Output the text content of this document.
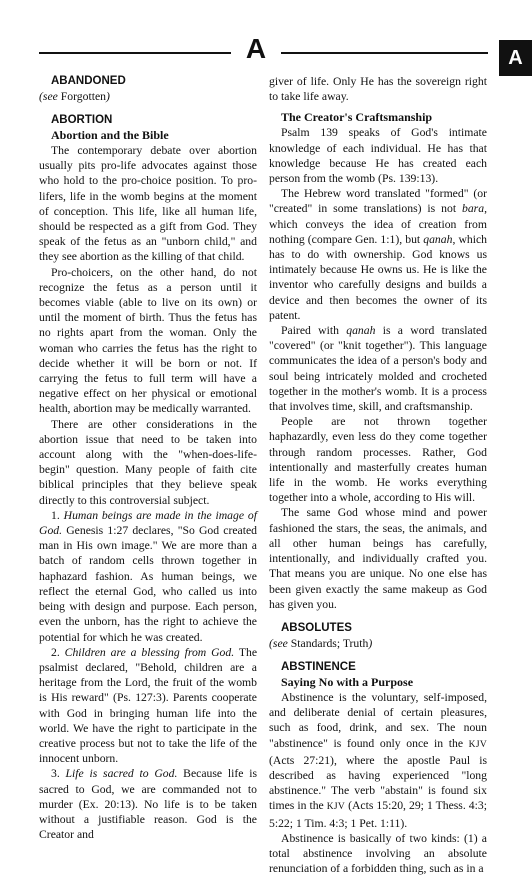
A	A

ABANDONED

(see Forgotten)

ABORTION

Abortion and the Bible

The contemporary debate over abortion usually pits pro-life advocates against those who hold to the pro-choice position. To pro-lifers, life in the womb begins at the moment of conception. This life, like all human life, should be respected as a gift from God. They speak of the fetus as an "unborn child," and they see abortion as the killing of that child.

Pro-choicers, on the other hand, do not recognize the fetus as a person until it becomes viable (able to live on its own) or until the moment of birth. Thus the fetus has no rights apart from the woman. Only the woman who carries the fetus has the right to decide whether it will be born or not. If carrying the fetus to full term will have a negative effect on her physical or emotional health, abortion may be medically warranted.

There are other considerations in the abortion issue that need to be taken into account along with the "when-does-life-begin" question. Many people of faith cite biblical principles that they believe speak directly to this controversial subject.

1. Human beings are made in the image of God. Genesis 1:27 declares, "So God created man in His own image." We are more than a batch of random cells thrown together in haphazard fashion. As human beings, we reflect the eternal God, who called us into being with design and purpose. Each person, even the unborn, has the right to achieve the potential for which he was created.

2. Children are a blessing from God. The psalmist declared, "Behold, children are a heritage from the Lord, the fruit of the womb is His reward" (Ps. 127:3). Parents cooperate with God in bringing human life into the world. We have the right to participate in the creative process but not to take the life of the innocent unborn.

3. Life is sacred to God. Because life is sacred to God, we are commanded not to murder (Ex. 20:13). No life is to be taken without a justifiable reason. God is the Creator and

giver of life. Only He has the sovereign right to take life away.

The Creator's Craftsmanship

Psalm 139 speaks of God's intimate knowledge of each individual. He has that knowledge because He has created each person from the womb (Ps. 139:13).

The Hebrew word translated "formed" (or "created" in some translations) is not bara, which conveys the idea of creation from nothing (compare Gen. 1:1), but qanah, which has to do with ownership. God knows us intimately because He owns us. He is like the inventor who carefully designs and builds a device and then becomes the owner of its patent.

Paired with qanah is a word translated "covered" (or "knit together"). This language communicates the idea of a person's body and soul being intricately molded and crocheted together in the mother's womb. It is a process that involves time, skill, and craftsmanship.

People are not thrown together haphazardly, even less do they come together through random processes. Rather, God intentionally and masterfully creates human life in the womb. He works everything together into a whole, according to His will.

The same God whose mind and power fashioned the stars, the seas, the animals, and all other human beings has carefully, intentionally, and individually crafted you. That means you are unique. No one else has been given exactly the same makeup as God has given you.

ABSOLUTES

(see Standards; Truth)

ABSTINENCE

Saying No with a Purpose

Abstinence is the voluntary, self-imposed, and deliberate denial of certain pleasures, such as food, drink, and sex. The noun "abstinence" is found only once in the KJV (Acts 27:21), where the apostle Paul is described as having experienced "long abstinence." The verb "abstain" is found six times in the KJV (Acts 15:20, 29; 1 Thess. 4:3; 5:22; 1 Tim. 4:3; 1 Pet. 1:11).

Abstinence is basically of two kinds: (1) a total abstinence involving an absolute renunciation of a forbidden thing, such as in a
